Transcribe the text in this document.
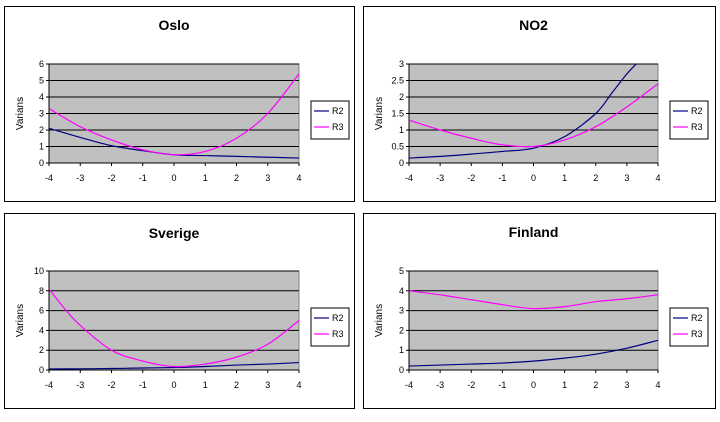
Oslo
0
1
2
3
4
5
6
-4	-3	-2	-1	0	1	2	3	4
Varians	R2
R3
NO2
0
0.5
1
1.5
2
2.5
3
-4	-3	-2	-1	0	1	2	3	4
Varians	R2
R3
Sverige
0
2
4
6
8
10
-4	-3	-2	-1	0	1	2	3	4
Varians	R2
R3
Finland
0
1
2
3
4
5
-4	-3	-2	-1	0	1	2	3	4
Varians	R2
R3
